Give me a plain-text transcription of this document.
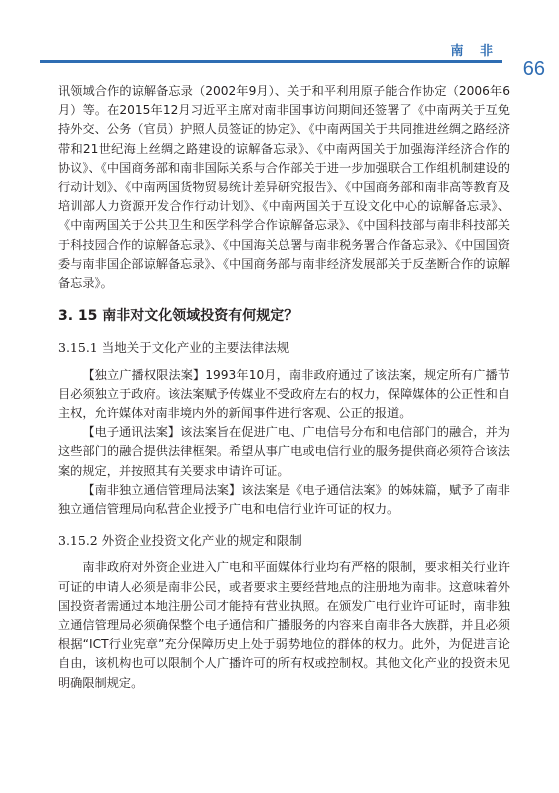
南 非
66

讯领域合作的谅解备忘录（2002年9月）、关于和平利用原子能合作协定（2006年6月）等。在2015年12月习近平主席对南非国事访问期间还签署了《中南两关于互免持外交、公务（官员）护照人员签证的协定》、《中南两国关于共同推进丝绸之路经济带和21世纪海上丝绸之路建设的谅解备忘录》、《中南两国关于加强海洋经济合作的协议》、《中国商务部和南非国际关系与合作部关于进一步加强联合工作组机制建设的行动计划》、《中南两国货物贸易统计差异研究报告》、《中国商务部和南非高等教育及培训部人力资源开发合作行动计划》、《中南两国关于互设文化中心的谅解备忘录》、《中南两国关于公共卫生和医学科学合作谅解备忘录》、《中国科技部与南非科技部关于科技园合作的谅解备忘录》、《中国海关总署与南非税务署合作备忘录》、《中国国资委与南非国企部谅解备忘录》、《中国商务部与南非经济发展部关于反垄断合作的谅解备忘录》。

3. 15 南非对文化领域投资有何规定？
3.15.1 当地关于文化产业的主要法律法规

【独立广播权限法案】1993年10月，南非政府通过了该法案，规定所有广播节目必须独立于政府。该法案赋予传媒业不受政府左右的权力，保障媒体的公正性和自主权，允许媒体对南非境内外的新闻事件进行客观、公正的报道。

【电子通讯法案】该法案旨在促进广电、广电信号分布和电信部门的融合，并为这些部门的融合提供法律框架。希望从事广电或电信行业的服务提供商必须符合该法案的规定，并按照其有关要求申请许可证。

【南非独立通信管理局法案】该法案是《电子通信法案》的姊妹篇，赋予了南非独立通信管理局向私营企业授予广电和电信行业许可证的权力。

3.15.2 外资企业投资文化产业的规定和限制

南非政府对外资企业进入广电和平面媒体行业均有严格的限制，要求相关行业许可证的申请人必须是南非公民，或者要求主要经营地点的注册地为南非。这意味着外国投资者需通过本地注册公司才能持有营业执照。在颁发广电行业许可证时，南非独立通信管理局必须确保整个电子通信和广播服务的内容来自南非各大族群，并且必须根据“ICT行业宪章”充分保障历史上处于弱势地位的群体的权力。此外，为促进言论自由，该机构也可以限制个人广播许可的所有权或控制权。其他文化产业的投资未见明确限制规定。
